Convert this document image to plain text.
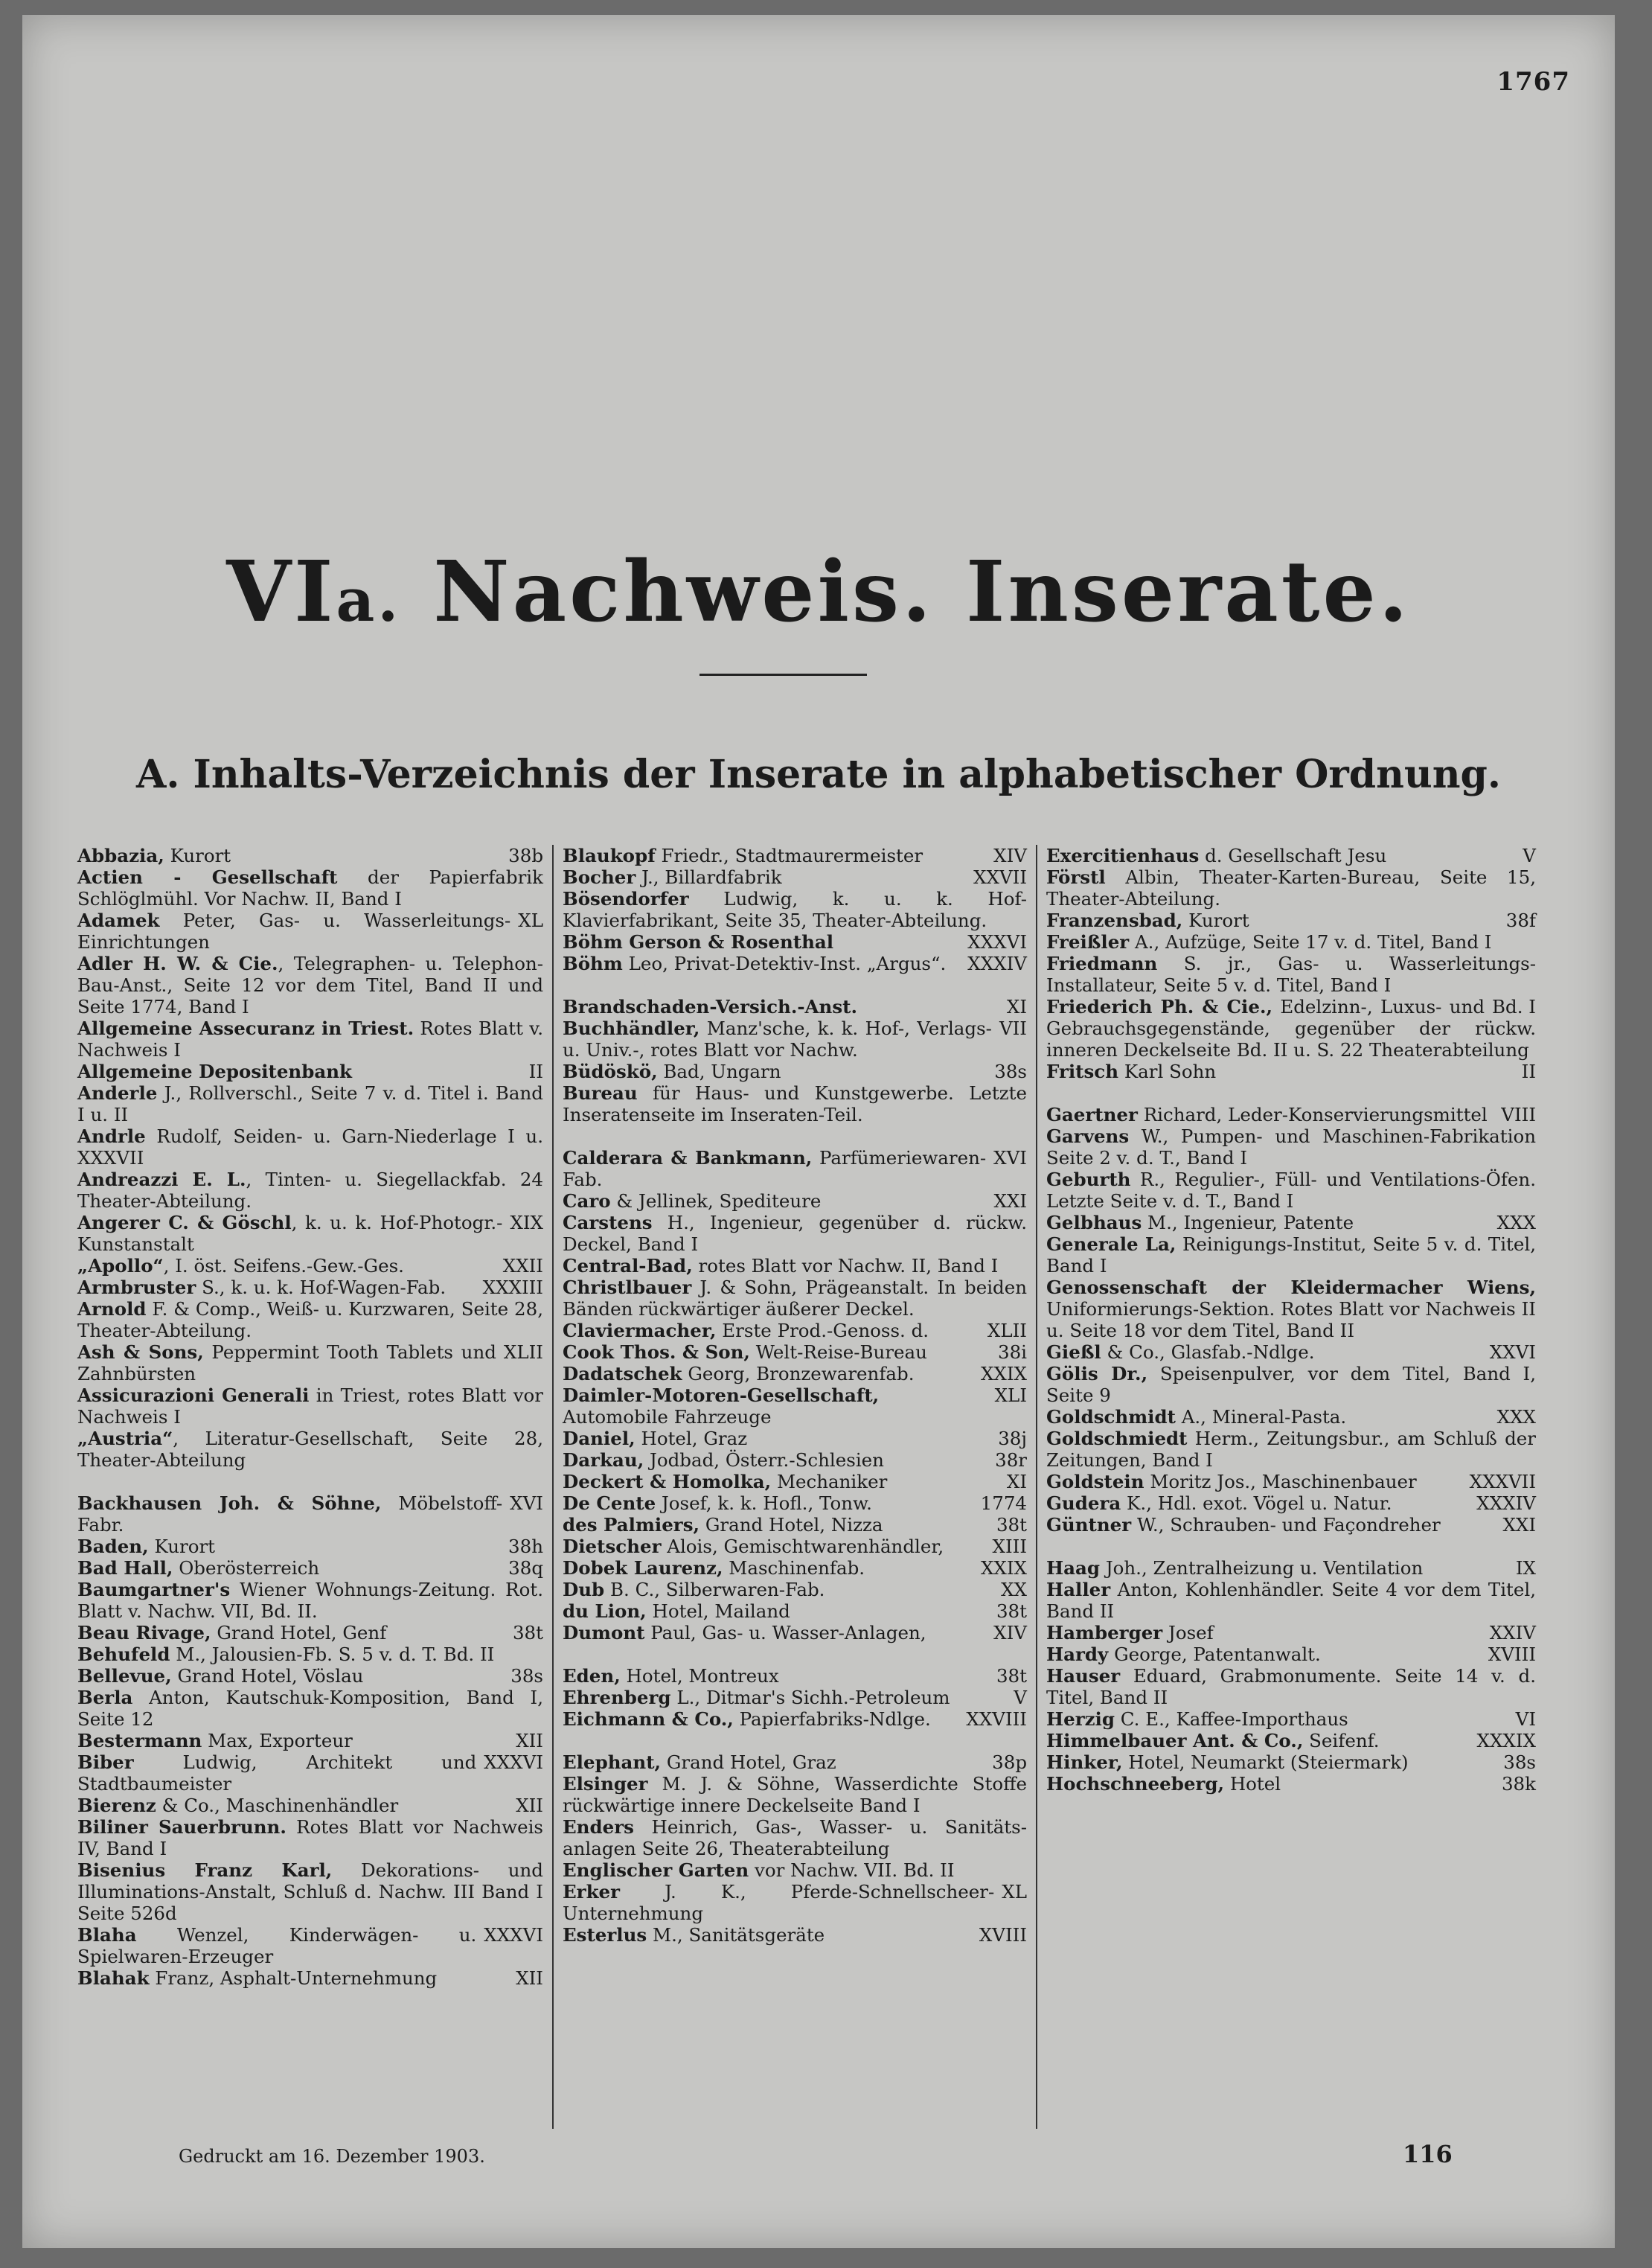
1767
VIa. Nachweis. Inserate.
A. Inhalts-Verzeichnis der Inserate in alphabetischer Ordnung.

38b
Abbazia, Kurort

Actien - Gesellschaft der Papierfabrik Schlöglmühl. Vor Nachw. II, Band I

XL
Adamek Peter, Gas- u. Wasserleitungs-Einrichtungen

Adler H. W. & Cie., Telegraphen- u. Telephon-Bau-Anst., Seite 12 vor dem Titel, Band II und Seite 1774, Band I

Allgemeine Assecuranz in Triest. Rotes Blatt v. Nachweis I

II
Allgemeine Depositenbank

Anderle J., Rollverschl., Seite 7 v. d. Titel i. Band I u. II

Andrle Rudolf, Seiden- u. Garn-Niederlage I u. XXXVII

Andreazzi E. L., Tinten- u. Siegellackfab. 24 Theater-Abteilung.

XIX
Angerer C. & Göschl, k. u. k. Hof-Photogr.-Kunstanstalt

XXII
„Apollo“, I. öst. Seifens.-Gew.-Ges.

XXXIII
Armbruster S., k. u. k. Hof-Wagen-Fab.

Arnold F. & Comp., Weiß- u. Kurzwaren, Seite 28, Theater-Abteilung.

XLII
Ash & Sons, Peppermint Tooth Tablets und Zahnbürsten

Assicurazioni Generali in Triest, rotes Blatt vor Nachweis I

„Austria“, Literatur-Gesellschaft, Seite 28, Theater-Abteilung

XVI
Backhausen Joh. & Söhne, Möbelstoff-Fabr.

38h
Baden, Kurort

38q
Bad Hall, Oberösterreich

Baumgartner's Wiener Wohnungs-Zeitung. Rot. Blatt v. Nachw. VII, Bd. II.

38t
Beau Rivage, Grand Hotel, Genf

Behufeld M., Jalousien-Fb. S. 5 v. d. T. Bd. II

38s
Bellevue, Grand Hotel, Vöslau

Berla Anton, Kautschuk-Komposition, Band I, Seite 12

XII
Bestermann Max, Exporteur

XXXVI
Biber Ludwig, Architekt und Stadtbaumeister

XII
Bierenz & Co., Maschinenhändler

Biliner Sauerbrunn. Rotes Blatt vor Nachweis IV, Band I

Bisenius Franz Karl, Dekorations- und Illuminations-Anstalt, Schluß d. Nachw. III Band I Seite 526d

XXXVI
Blaha Wenzel, Kinderwägen- u. Spielwaren-Erzeuger

XII
Blahak Franz, Asphalt-Unternehmung

XIV
Blaukopf Friedr., Stadtmaurermeister

XXVII
Bocher J., Billardfabrik

Bösendorfer Ludwig, k. u. k. Hof-Klavierfabrikant, Seite 35, Theater-Abteilung.

XXXVI
Böhm Gerson & Rosenthal

XXXIV
Böhm Leo, Privat-Detektiv-Inst. „Argus“.

XI
Brandschaden-Versich.-Anst.

VII
Buchhändler, Manz'sche, k. k. Hof-, Verlags- u. Univ.-, rotes Blatt vor Nachw.

38s
Büdöskö, Bad, Ungarn

Bureau für Haus- und Kunstgewerbe. Letzte Inseratenseite im Inseraten-Teil.

XVI
Calderara & Bankmann, Parfümeriewaren-Fab.

XXI
Caro & Jellinek, Spediteure

Carstens H., Ingenieur, gegenüber d. rückw. Deckel, Band I

Central-Bad, rotes Blatt vor Nachw. II, Band I

Christlbauer J. & Sohn, Prägeanstalt. In beiden Bänden rückwärtiger äußerer Deckel.

XLII
Claviermacher, Erste Prod.-Genoss. d.

38i
Cook Thos. & Son, Welt-Reise-Bureau

XXIX
Dadatschek Georg, Bronzewarenfab.

XLI
Daimler-Motoren-Gesellschaft, Automobile Fahrzeuge

38j
Daniel, Hotel, Graz

38r
Darkau, Jodbad, Österr.-Schlesien

XI
Deckert & Homolka, Mechaniker

1774
De Cente Josef, k. k. Hofl., Tonw.

38t
des Palmiers, Grand Hotel, Nizza

XIII
Dietscher Alois, Gemischtwarenhändler,

XXIX
Dobek Laurenz, Maschinenfab.

XX
Dub B. C., Silberwaren-Fab.

38t
du Lion, Hotel, Mailand

XIV
Dumont Paul, Gas- u. Wasser-Anlagen,

38t
Eden, Hotel, Montreux

V
Ehrenberg L., Ditmar's Sichh.-Petroleum

XXVIII
Eichmann & Co., Papierfabriks-Ndlge.

38p
Elephant, Grand Hotel, Graz

Elsinger M. J. & Söhne, Wasserdichte Stoffe rückwärtige innere Deckelseite Band I

Enders Heinrich, Gas-, Wasser- u. Sanitäts-anlagen Seite 26, Theaterabteilung

Englischer Garten vor Nachw. VII. Bd. II

XL
Erker J. K., Pferde-Schnellscheer-Unternehmung

XVIII
Esterlus M., Sanitätsgeräte

V
Exercitienhaus d. Gesellschaft Jesu

Förstl Albin, Theater-Karten-Bureau, Seite 15, Theater-Abteilung.

38f
Franzensbad, Kurort

Freißler A., Aufzüge, Seite 17 v. d. Titel, Band I

Friedmann S. jr., Gas- u. Wasserleitungs-Installateur, Seite 5 v. d. Titel, Band I

Bd. I
Friederich Ph. & Cie., Edelzinn-, Luxus- und Gebrauchsgegenstände, gegenüber der rückw. inneren Deckelseite Bd. II u. S. 22 Theaterabteilung

II
Fritsch Karl Sohn

VIII
Gaertner Richard, Leder-Konservierungsmittel

Garvens W., Pumpen- und Maschinen-Fabrikation Seite 2 v. d. T., Band I

Geburth R., Regulier-, Füll- und Ventilations-Öfen. Letzte Seite v. d. T., Band I

XXX
Gelbhaus M., Ingenieur, Patente

Generale La, Reinigungs-Institut, Seite 5 v. d. Titel, Band I

Genossenschaft der Kleidermacher Wiens, Uniformierungs-Sektion. Rotes Blatt vor Nachweis II u. Seite 18 vor dem Titel, Band II

XXVI
Gießl & Co., Glasfab.-Ndlge.

Gölis Dr., Speisenpulver, vor dem Titel, Band I, Seite 9

XXX
Goldschmidt A., Mineral-Pasta.

Goldschmiedt Herm., Zeitungsbur., am Schluß der Zeitungen, Band I

XXXVII
Goldstein Moritz Jos., Maschinenbauer

XXXIV
Gudera K., Hdl. exot. Vögel u. Natur.

XXI
Güntner W., Schrauben- und Façondreher

IX
Haag Joh., Zentralheizung u. Ventilation

Haller Anton, Kohlenhändler. Seite 4 vor dem Titel, Band II

XXIV
Hamberger Josef

XVIII
Hardy George, Patentanwalt.

Hauser Eduard, Grabmonumente. Seite 14 v. d. Titel, Band II

VI
Herzig C. E., Kaffee-Importhaus

XXXIX
Himmelbauer Ant. & Co., Seifenf.

38s
Hinker, Hotel, Neumarkt (Steiermark)

38k
Hochschneeberg, Hotel

Gedruckt am 16. Dezember 1903.	116
